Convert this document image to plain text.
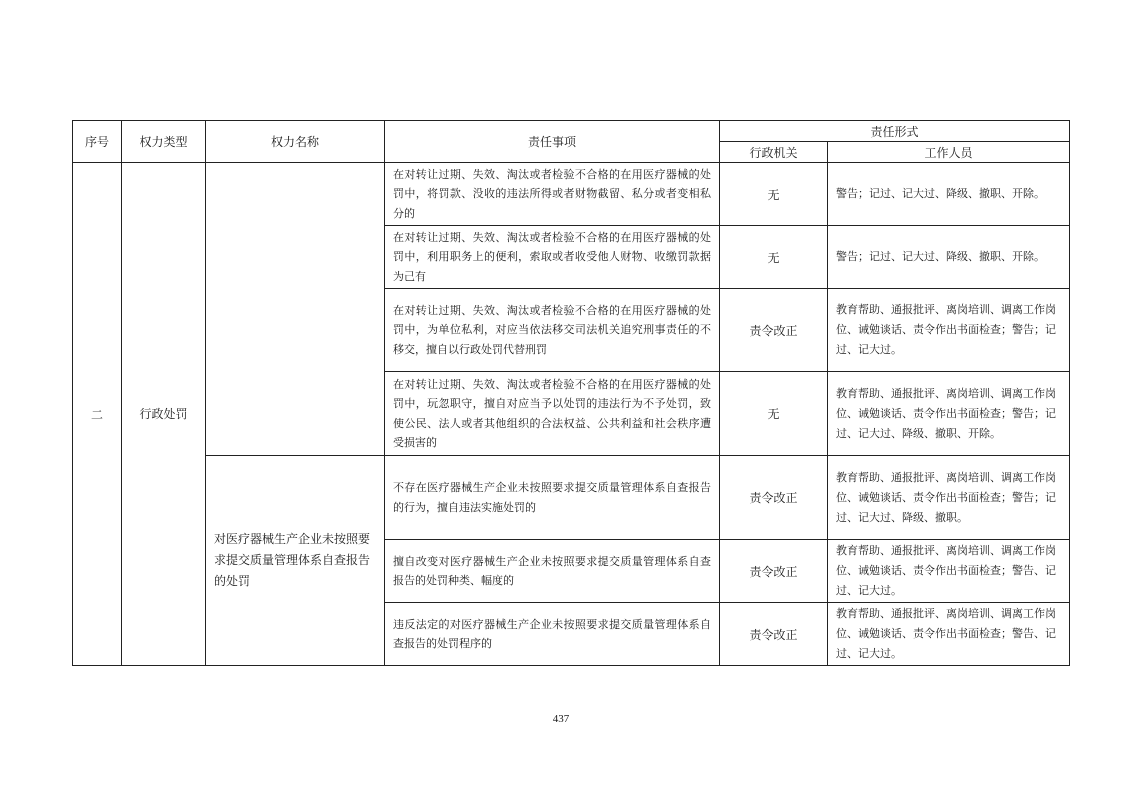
序号	权力类型	权力名称	责任事项	责任形式	
				行政机关	工作人员
二	行政处罚		在对转让过期、失效、淘汰或者检验不合格的在用医疗器械的处罚中，将罚款、没收的违法所得或者财物截留、私分或者变相私分的	无	警告；记过、记大过、降级、撤职、开除。
			在对转让过期、失效、淘汰或者检验不合格的在用医疗器械的处罚中，利用职务上的便利，索取或者收受他人财物、收缴罚款据为己有	无	警告；记过、记大过、降级、撤职、开除。
			在对转让过期、失效、淘汰或者检验不合格的在用医疗器械的处罚中，为单位私利，对应当依法移交司法机关追究刑事责任的不移交，擅自以行政处罚代替刑罚	责令改正	教育帮助、通报批评、离岗培训、调离工作岗位、诫勉谈话、责令作出书面检查；警告；记过、记大过。
			在对转让过期、失效、淘汰或者检验不合格的在用医疗器械的处罚中，玩忽职守，擅自对应当予以处罚的违法行为不予处罚，致使公民、法人或者其他组织的合法权益、公共利益和社会秩序遭受损害的	无	教育帮助、通报批评、离岗培训、调离工作岗位、诫勉谈话、责令作出书面检查；警告；记过、记大过、降级、撤职、开除。
		对医疗器械生产企业未按照要求提交质量管理体系自查报告的处罚	不存在医疗器械生产企业未按照要求提交质量管理体系自查报告的行为，擅自违法实施处罚的	责令改正	教育帮助、通报批评、离岗培训、调离工作岗位、诫勉谈话、责令作出书面检查；警告；记过、记大过、降级、撤职。
			擅自改变对医疗器械生产企业未按照要求提交质量管理体系自查报告的处罚种类、幅度的	责令改正	教育帮助、通报批评、离岗培训、调离工作岗位、诫勉谈话、责令作出书面检查；警告、记过、记大过。
			违反法定的对医疗器械生产企业未按照要求提交质量管理体系自查报告的处罚程序的	责令改正	教育帮助、通报批评、离岗培训、调离工作岗位、诫勉谈话、责令作出书面检查；警告、记过、记大过。
437
